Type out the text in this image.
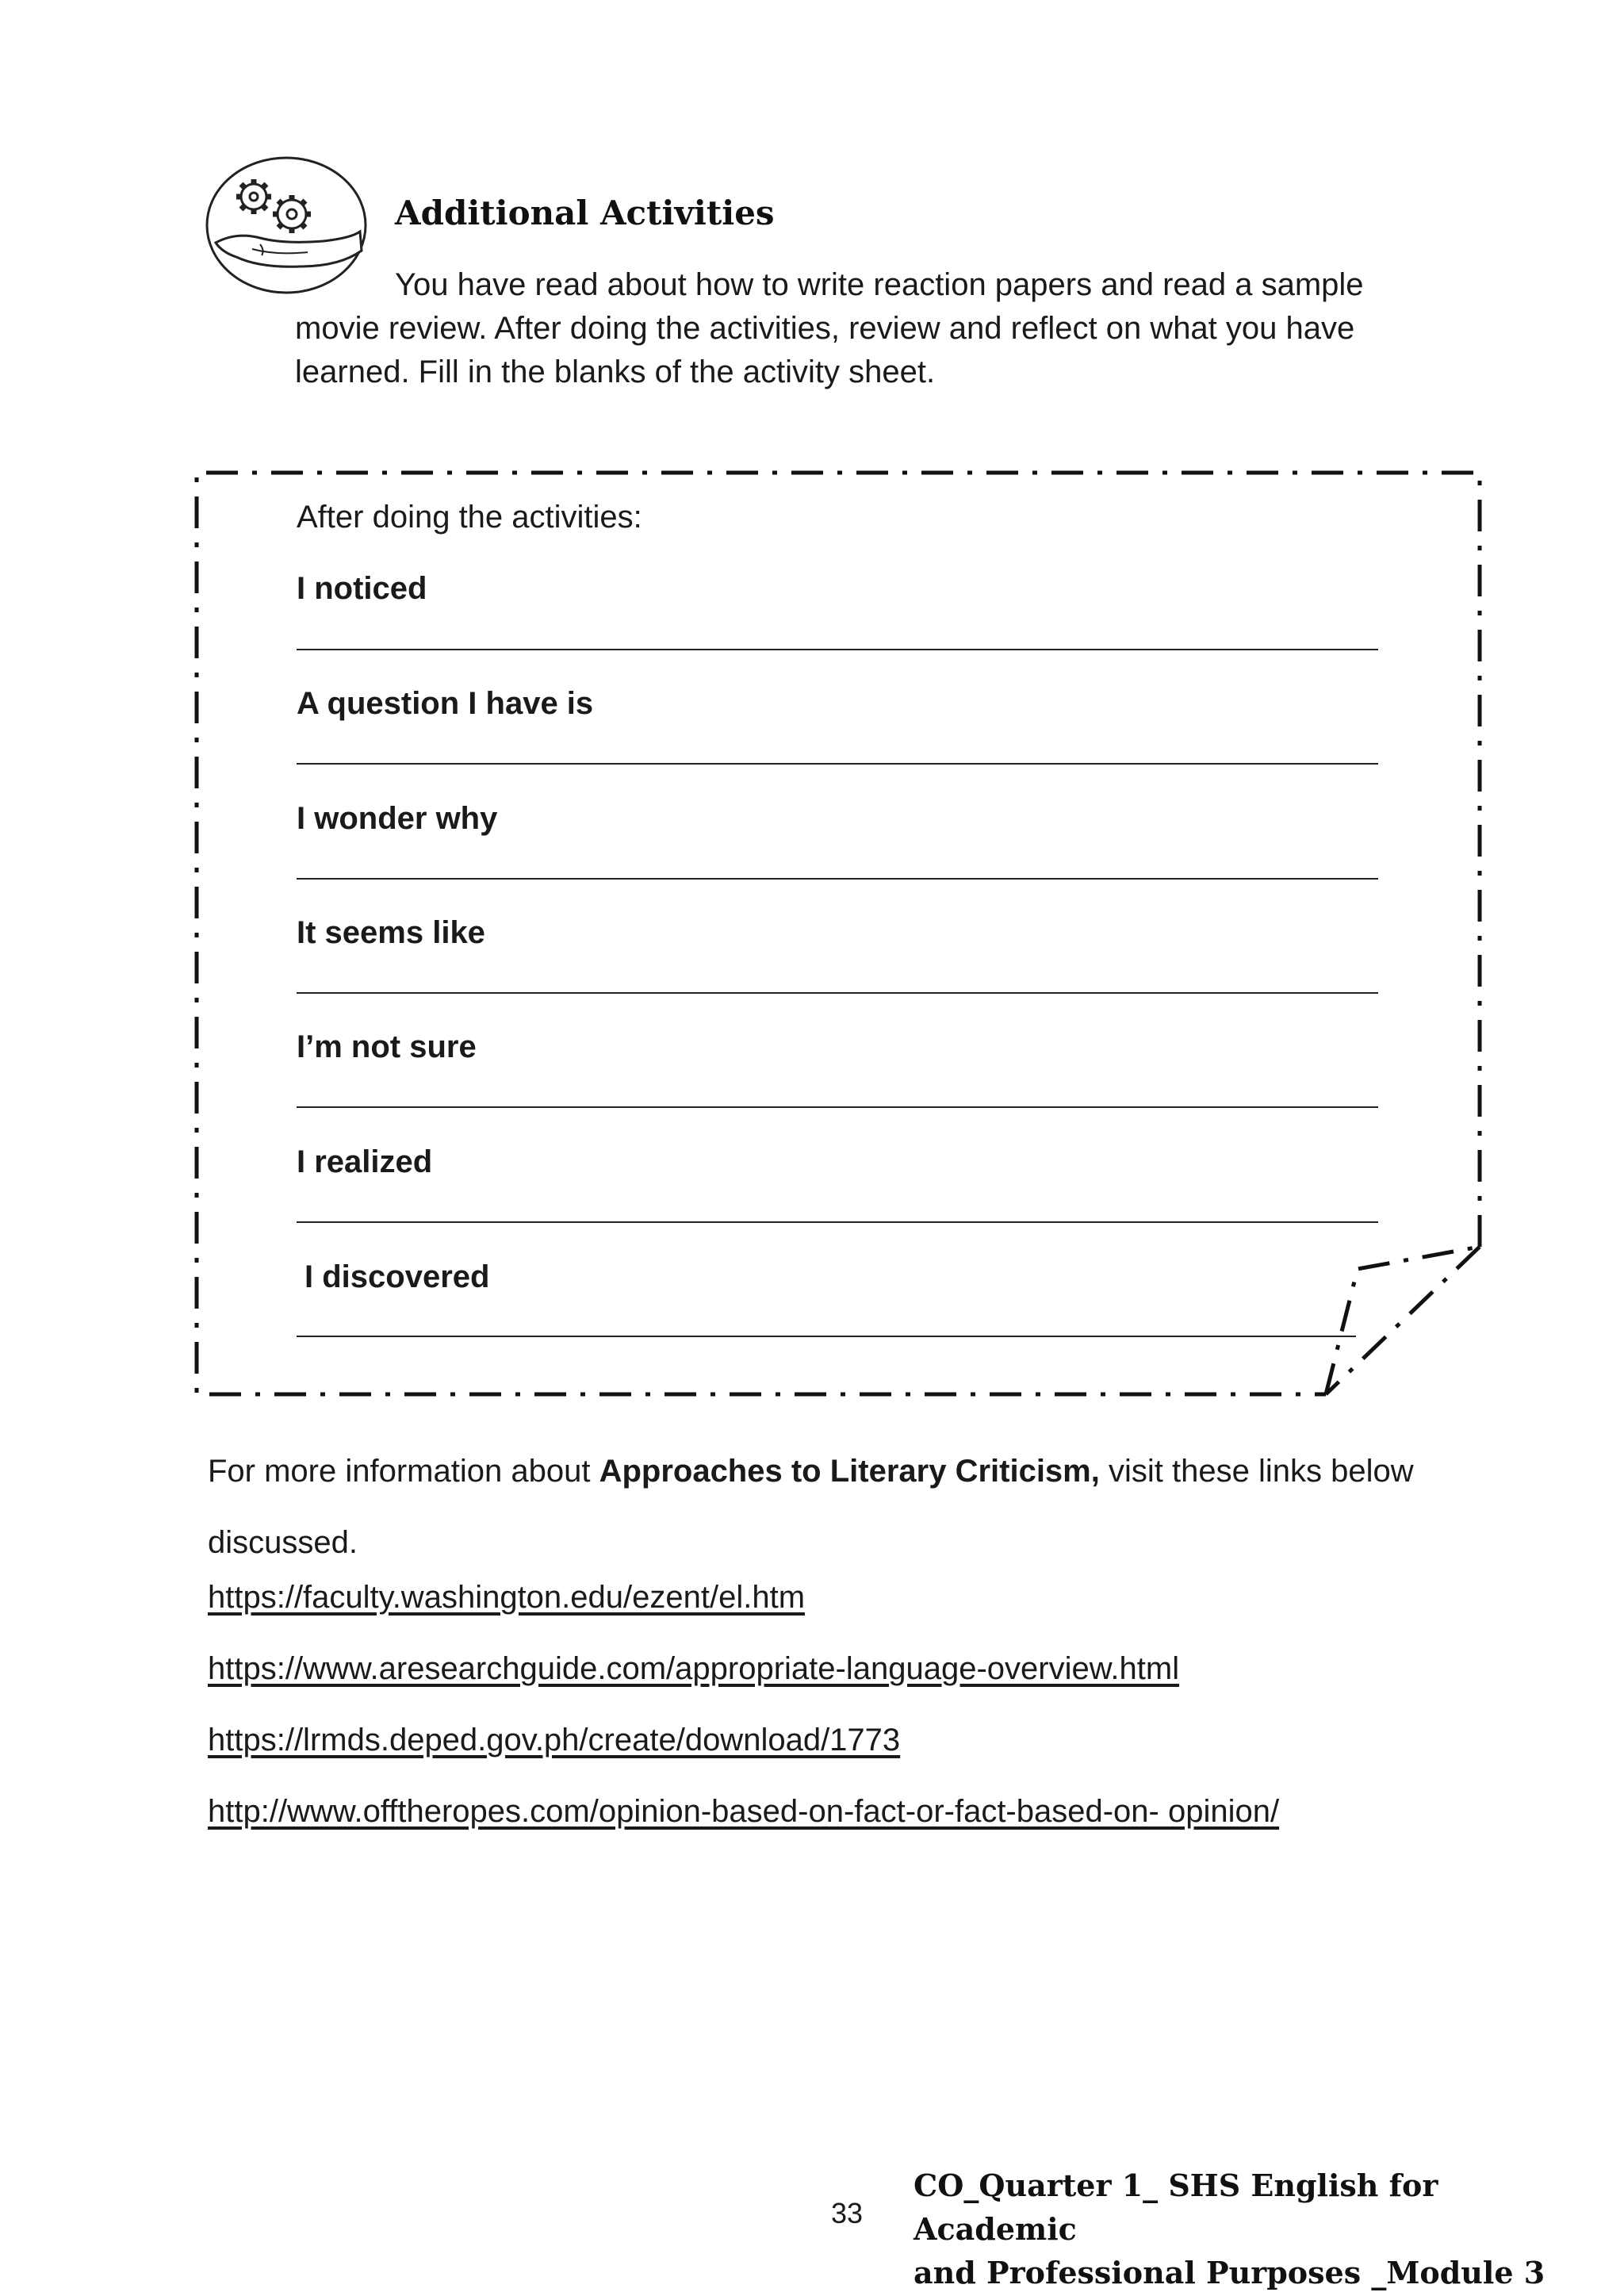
Additional Activities

You have read about how to write reaction papers and read a sample movie review. After doing the activities, review and reflect on what you have learned. Fill in the blanks of the activity sheet.

After doing the activities:

I noticed

A question I have is

I wonder why

It seems like

I’m not sure

I realized

I discovered

For more information about Approaches to Literary Criticism, visit these links below discussed.

https://faculty.washington.edu/ezent/el.htm
https://www.aresearchguide.com/appropriate-language-overview.html
https://lrmds.deped.gov.ph/create/download/1773
http://www.offtheropes.com/opinion-based-on-fact-or-fact-based-on- opinion/
33

CO_Quarter 1_ SHS English for Academic
and Professional Purposes _Module 3
